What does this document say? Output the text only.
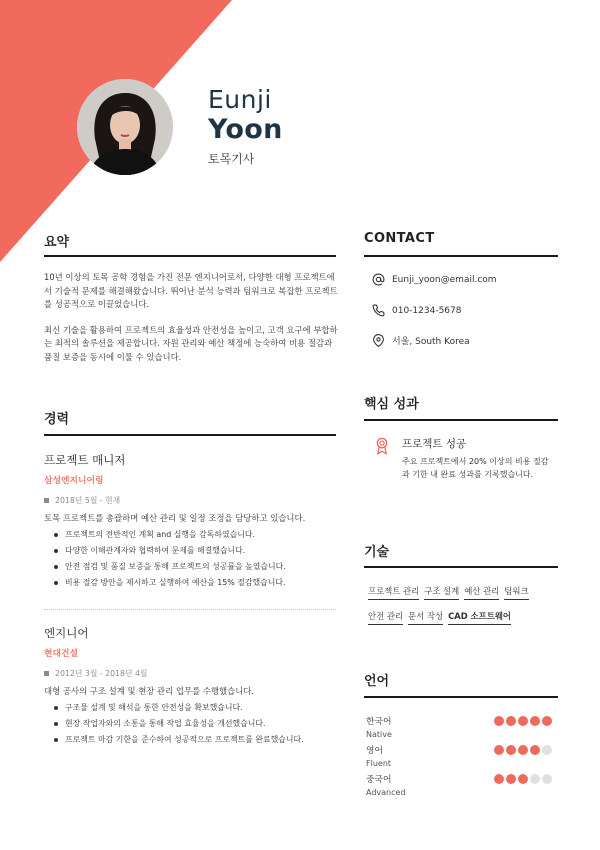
Eunji
Yoon
토목기사
요약

10년 이상의 토목 공학 경험을 가진 전문 엔지니어로서, 다양한 대형 프로젝트에서 기술적 문제를 해결해왔습니다. 뛰어난 분석 능력과 팀워크로 복잡한 프로젝트를 성공적으로 이끌었습니다.

최신 기술을 활용하여 프로젝트의 효율성과 안전성을 높이고, 고객 요구에 부합하는 최적의 솔루션을 제공합니다. 자원 관리와 예산 책정에 능숙하여 비용 절감과 품질 보증을 동시에 이룰 수 있습니다.

경력
프로젝트 매니저
삼성엔지니어링
2018년 5월 - 현재
토목 프로젝트를 총괄하며 예산 관리 및 일정 조정을 담당하고 있습니다.
프로젝트의 전반적인 계획 and 실행을 감독하였습니다.
다양한 이해관계자와 협력하여 문제를 해결했습니다.
안전 점검 및 품질 보증을 통해 프로젝트의 성공률을 높였습니다.
비용 절감 방안을 제시하고 실행하여 예산을 15% 절감했습니다.
엔지니어
현대건설
2012년 3월 - 2018년 4월
대형 공사의 구조 설계 및 현장 관리 업무를 수행했습니다.
구조물 설계 및 해석을 통한 안전성을 확보했습니다.
현장 작업자와의 소통을 통해 작업 효율성을 개선했습니다.
프로젝트 마감 기한을 준수하여 성공적으로 프로젝트를 완료했습니다.
CONTACT
Eunji_yoon@email.com
010-1234-5678
서울, South Korea
핵심 성과
프로젝트 성공
주요 프로젝트에서 20% 이상의 비용 절감과 기한 내 완료 성과를 기록했습니다.
기술
프로젝트 관리 구조 설계 예산 관리 팀워크
안전 관리 문서 작성 CAD 소프트웨어
언어
한국어
Native
영어
Fluent
중국어
Advanced
